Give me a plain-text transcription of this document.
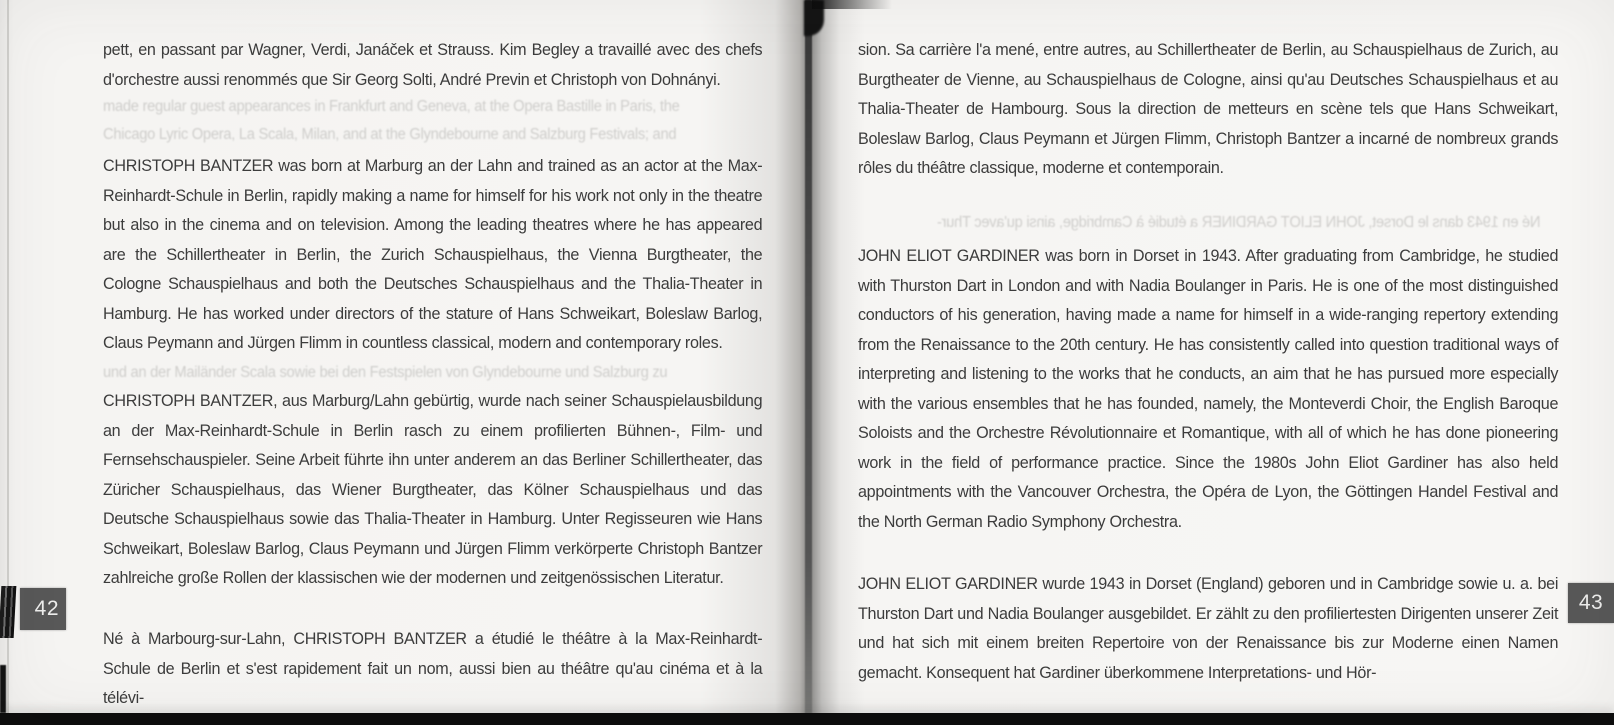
made regular guest appearances in Frankfurt and Geneva, at the Opera Bastille in Paris, the
Chicago Lyric Opera, La Scala, Milan, and at the Glyndebourne and Salzburg Festivals; and
und an der Mailänder Scala sowie bei den Festspielen von Glyndebourne und Salzburg zu
pett, en passant par Wagner, Verdi, Janáček et Strauss. Kim Begley a travaillé avec des chefs d'orchestre aussi renommés que Sir Georg Solti, André Previn et Christoph von Dohnányi.
CHRISTOPH BANTZER was born at Marburg an der Lahn and trained as an actor at the Max-Reinhardt-Schule in Berlin, rapidly making a name for himself for his work not only in the theatre but also in the cinema and on television. Among the leading theatres where he has appeared are the Schillertheater in Berlin, the Zurich Schauspielhaus, the Vienna Burgtheater, the Cologne Schauspielhaus and both the Deutsches Schauspielhaus and the Thalia-Theater in Hamburg. He has worked under directors of the stature of Hans Schweikart, Boleslaw Barlog, Claus Peymann and Jürgen Flimm in countless classical, modern and contemporary roles.
CHRISTOPH BANTZER, aus Marburg/Lahn gebürtig, wurde nach seiner Schauspielausbildung an der Max-Reinhardt-Schule in Berlin rasch zu einem profilierten Bühnen-, Film- und Fernsehschauspieler. Seine Arbeit führte ihn unter anderem an das Berliner Schillertheater, das Züricher Schauspielhaus, das Wiener Burgtheater, das Kölner Schauspielhaus und das Deutsche Schauspielhaus sowie das Thalia-Theater in Hamburg. Unter Regisseuren wie Hans Schweikart, Boleslaw Barlog, Claus Peymann und Jürgen Flimm verkörperte Christoph Bantzer zahlreiche große Rollen der klassischen wie der modernen und zeitgenössischen Literatur.
Né à Marbourg-sur-Lahn, CHRISTOPH BANTZER a étudié le théâtre à la Max-Reinhardt-Schule de Berlin et s'est rapidement fait un nom, aussi bien au théâtre qu'au cinéma et à la télévi-
Né en 1943 dans le Dorset, JOHN ELIOT GARDINER a étudié à Cambridge, ainsi qu'avec Thur-
sion. Sa carrière l'a mené, entre autres, au Schillertheater de Berlin, au Schauspielhaus de Zurich, au Burgtheater de Vienne, au Schauspielhaus de Cologne, ainsi qu'au Deutsches Schauspielhaus et au Thalia-Theater de Hambourg. Sous la direction de metteurs en scène tels que Hans Schweikart, Boleslaw Barlog, Claus Peymann et Jürgen Flimm, Christoph Bantzer a incarné de nombreux grands rôles du théâtre classique, moderne et contemporain.
JOHN ELIOT GARDINER was born in Dorset in 1943. After graduating from Cambridge, he studied with Thurston Dart in London and with Nadia Boulanger in Paris. He is one of the most distinguished conductors of his generation, having made a name for himself in a wide-ranging repertory extending from the Renaissance to the 20th century. He has consistently called into question traditional ways of interpreting and listening to the works that he conducts, an aim that he has pursued more especially with the various ensembles that he has founded, namely, the Monteverdi Choir, the English Baroque Soloists and the Orchestre Révolutionnaire et Romantique, with all of which he has done pioneering work in the field of performance practice. Since the 1980s John Eliot Gardiner has also held appointments with the Vancouver Orchestra, the Opéra de Lyon, the Göttingen Handel Festival and the North German Radio Symphony Orchestra.
JOHN ELIOT GARDINER wurde 1943 in Dorset (England) geboren und in Cambridge sowie u. a. bei Thurston Dart und Nadia Boulanger ausgebildet. Er zählt zu den profiliertesten Dirigenten unserer Zeit und hat sich mit einem breiten Repertoire von der Renaissance bis zur Moderne einen Namen gemacht. Konsequent hat Gardiner überkommene Interpretations- und Hör-
42	43
